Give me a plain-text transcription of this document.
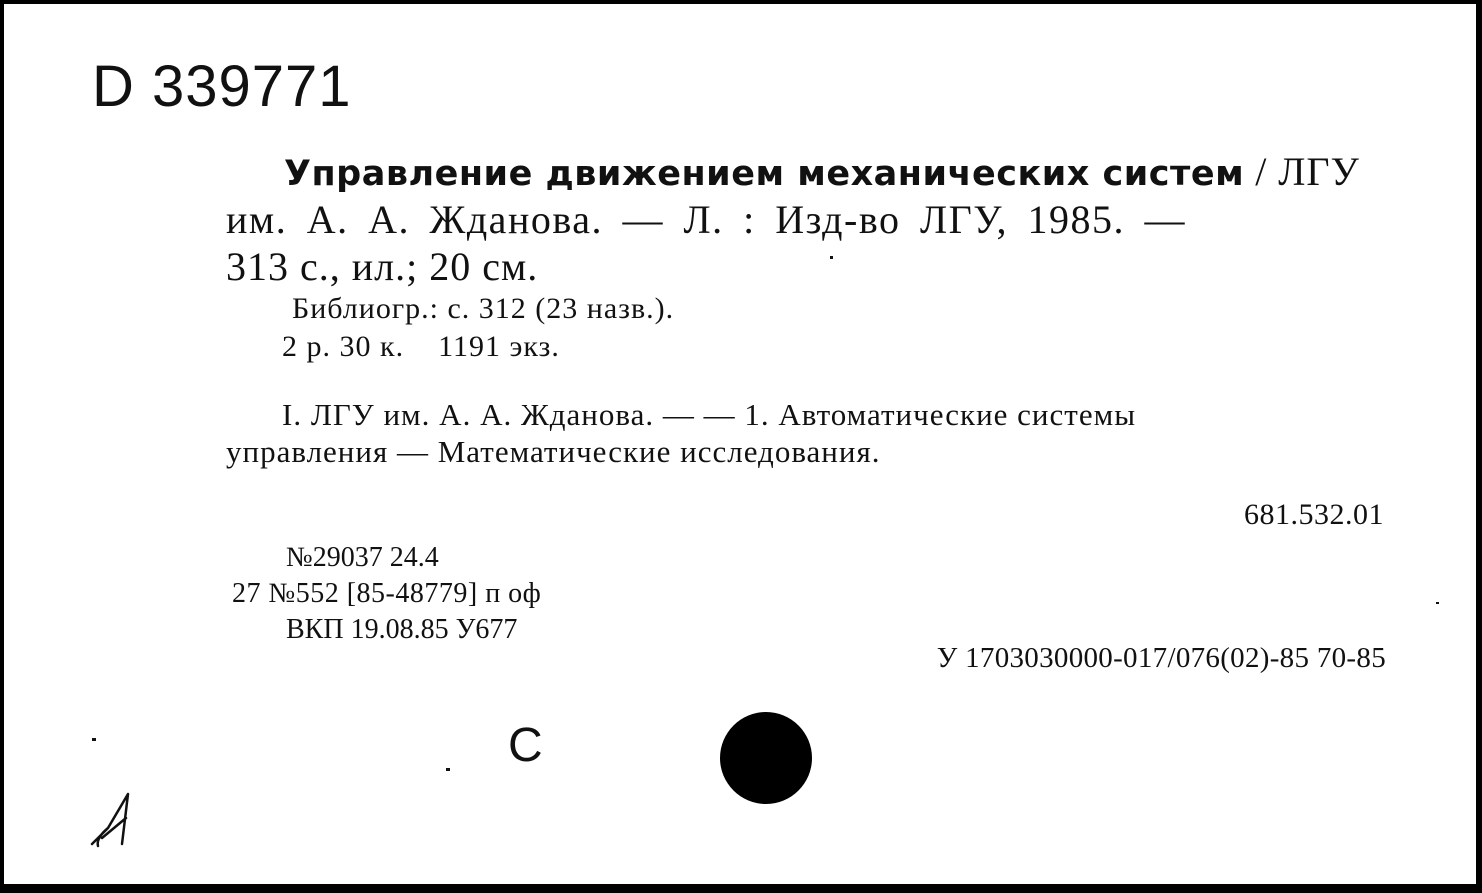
D 339771
Управление движением механических систем / ЛГУ
им. А. А. Жданова. — Л. : Изд-во ЛГУ, 1985. —
313 с., ил.; 20 см.
Библиогр.: с. 312 (23 назв.).
2 р. 30 к.    1191 экз.
I. ЛГУ им. А. А. Жданова. — — 1. Автоматические системы
управления — Математические исследования.
681.532.01
№29037 24.4
27 №552 [85-48779] п оф
ВКП 19.08.85 У677
У 1703030000-017/076(02)-85 70-85
С
